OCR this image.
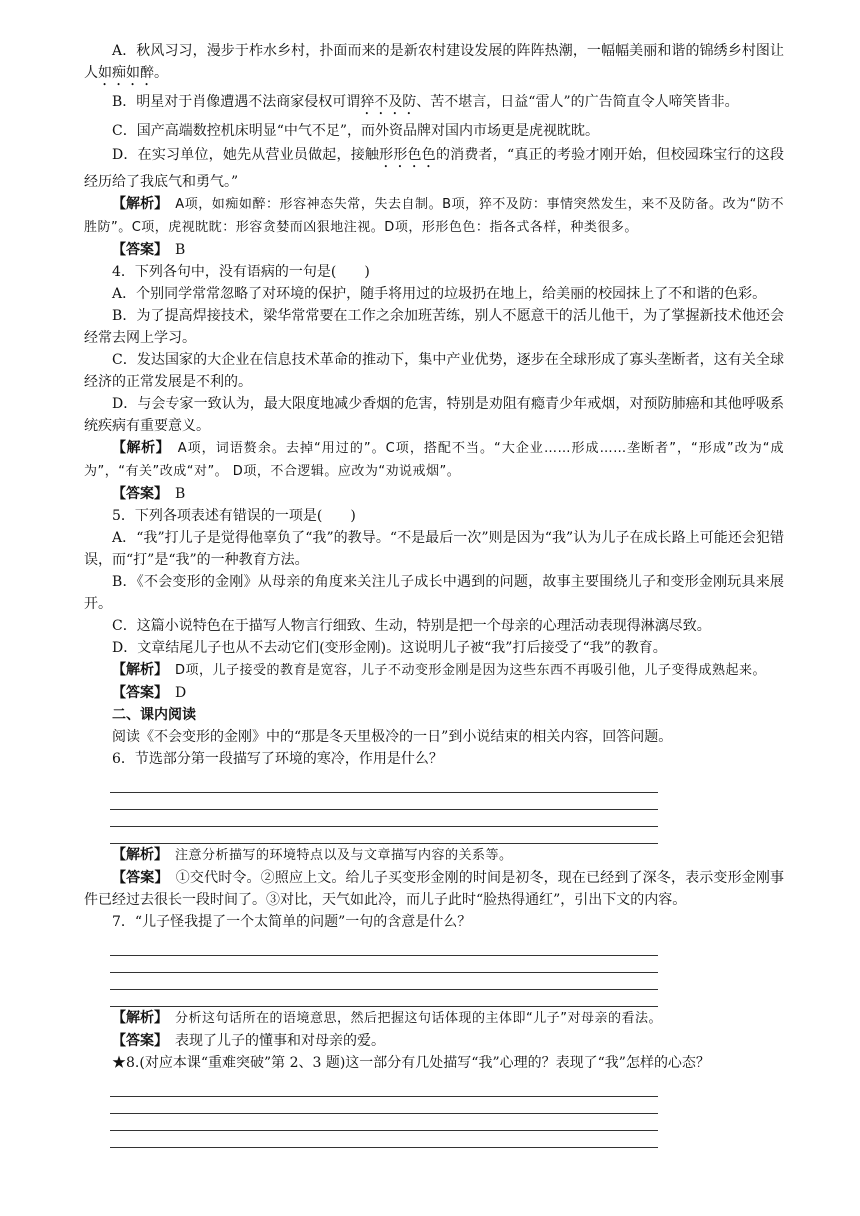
A．秋风习习，漫步于柞水乡村，扑面而来的是新农村建设发展的阵阵热潮，一幅幅美丽和谐的锦绣乡村图让人如痴如醉。

B．明星对于肖像遭遇不法商家侵权可谓猝不及防、苦不堪言，日益“雷人”的广告简直令人啼笑皆非。

C．国产高端数控机床明显“中气不足”，而外资品牌对国内市场更是虎视眈眈。

D．在实习单位，她先从营业员做起，接触形形色色的消费者，“真正的考验才刚开始，但校园珠宝行的这段经历给了我底气和勇气。”

【解析】　 A项，如痴如醉：形容神态失常，失去自制。B项，猝不及防：事情突然发生，来不及防备。改为“防不胜防”。C项，虎视眈眈：形容贪婪而凶狠地注视。D项，形形色色：指各式各样，种类很多。

【答案】　 B

4．下列各句中，没有语病的一句是(　　)

A．个别同学常常忽略了对环境的保护，随手将用过的垃圾扔在地上，给美丽的校园抹上了不和谐的色彩。

B．为了提高焊接技术，梁华常常要在工作之余加班苦练，别人不愿意干的活儿他干，为了掌握新技术他还会经常去网上学习。

C．发达国家的大企业在信息技术革命的推动下，集中产业优势，逐步在全球形成了寡头垄断者，这有关全球经济的正常发展是不利的。

D．与会专家一致认为，最大限度地减少香烟的危害，特别是劝阻有瘾青少年戒烟，对预防肺癌和其他呼吸系统疾病有重要意义。

【解析】　 A项，词语赘余。去掉“用过的”。C项，搭配不当。“大企业……形成……垄断者”，“形成”改为“成为”，“有关”改成“对”。 D项，不合逻辑。应改为“劝说戒烟”。

【答案】　 B

5．下列各项表述有错误的一项是(　　)

A．“我”打儿子是觉得他辜负了“我”的教导。“不是最后一次”则是因为“我”认为儿子在成长路上可能还会犯错误，而“打”是“我”的一种教育方法。

B．《不会变形的金刚》从母亲的角度来关注儿子成长中遇到的问题，故事主要围绕儿子和变形金刚玩具来展开。

C．这篇小说特色在于描写人物言行细致、生动，特别是把一个母亲的心理活动表现得淋漓尽致。

D．文章结尾儿子也从不去动它们(变形金刚)。这说明儿子被“我”打后接受了“我”的教育。

【解析】　 D项，儿子接受的教育是宽容，儿子不动变形金刚是因为这些东西不再吸引他，儿子变得成熟起来。

【答案】　 D

二、课内阅读

阅读《不会变形的金刚》中的“那是冬天里极冷的一日”到小说结束的相关内容，回答问题。

6．节选部分第一段描写了环境的寒冷，作用是什么？

【解析】　 注意分析描写的环境特点以及与文章描写内容的关系等。

【答案】　 ①交代时令。②照应上文。给儿子买变形金刚的时间是初冬，现在已经到了深冬，表示变形金刚事件已经过去很长一段时间了。③对比，天气如此冷，而儿子此时“脸热得通红”，引出下文的内容。

7．“儿子怪我提了一个太简单的问题”一句的含意是什么？

【解析】　 分析这句话所在的语境意思，然后把握这句话体现的主体即“儿子”对母亲的看法。

【答案】　 表现了儿子的懂事和对母亲的爱。

★8.(对应本课“重难突破”第 2、3 题)这一部分有几处描写“我”心理的？表现了“我”怎样的心态？
